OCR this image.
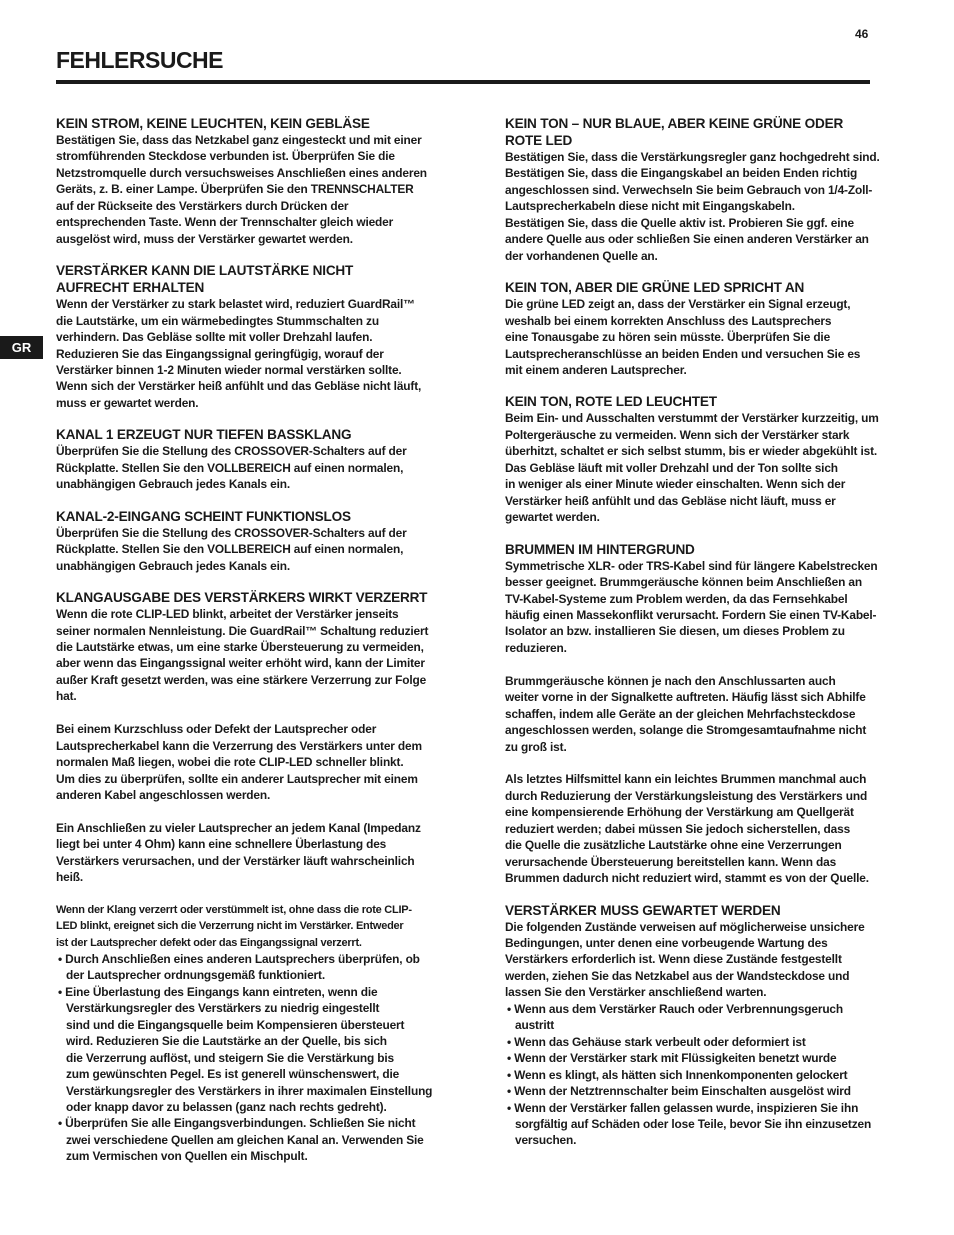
46
FEHLERSUCHE
GR
KEIN STROM, KEINE LEUCHTEN, KEIN GEBLÄSE
Bestätigen Sie, dass das Netzkabel ganz eingesteckt und mit einer
stromführenden Steckdose verbunden ist. Überprüfen Sie die
Netzstromquelle durch versuchsweises Anschließen eines anderen
Geräts, z. B. einer Lampe. Überprüfen Sie den TRENNSCHALTER
auf der Rückseite des Verstärkers durch Drücken der
entsprechenden Taste. Wenn der Trennschalter gleich wieder
ausgelöst wird, muss der Verstärker gewartet werden.
VERSTÄRKER KANN DIE LAUTSTÄRKE NICHT
AUFRECHT ERHALTEN
Wenn der Verstärker zu stark belastet wird, reduziert GuardRail™
die Lautstärke, um ein wärmebedingtes Stummschalten zu
verhindern. Das Gebläse sollte mit voller Drehzahl laufen.
Reduzieren Sie das Eingangssignal geringfügig, worauf der
Verstärker binnen 1-2 Minuten wieder normal verstärken sollte.
Wenn sich der Verstärker heiß anfühlt und das Gebläse nicht läuft,
muss er gewartet werden.
KANAL 1 ERZEUGT NUR TIEFEN BASSKLANG
Überprüfen Sie die Stellung des CROSSOVER-Schalters auf der
Rückplatte. Stellen Sie den VOLLBEREICH auf einen normalen,
unabhängigen Gebrauch jedes Kanals ein.
KANAL-2-EINGANG SCHEINT FUNKTIONSLOS
Überprüfen Sie die Stellung des CROSSOVER-Schalters auf der
Rückplatte. Stellen Sie den VOLLBEREICH auf einen normalen,
unabhängigen Gebrauch jedes Kanals ein.
KLANGAUSGABE DES VERSTÄRKERS WIRKT VERZERRT
Wenn die rote CLIP-LED blinkt, arbeitet der Verstärker jenseits
seiner normalen Nennleistung. Die GuardRail™ Schaltung reduziert
die Lautstärke etwas, um eine starke Übersteuerung zu vermeiden,
aber wenn das Eingangssignal weiter erhöht wird, kann der Limiter
außer Kraft gesetzt werden, was eine stärkere Verzerrung zur Folge
hat.
Bei einem Kurzschluss oder Defekt der Lautsprecher oder
Lautsprecherkabel kann die Verzerrung des Verstärkers unter dem
normalen Maß liegen, wobei die rote CLIP-LED schneller blinkt.
Um dies zu überprüfen, sollte ein anderer Lautsprecher mit einem
anderen Kabel angeschlossen werden.
Ein Anschließen zu vieler Lautsprecher an jedem Kanal (Impedanz
liegt bei unter 4 Ohm) kann eine schnellere Überlastung des
Verstärkers verursachen, und der Verstärker läuft wahrscheinlich
heiß.
Wenn der Klang verzerrt oder verstümmelt ist, ohne dass die rote CLIP-
LED blinkt, ereignet sich die Verzerrung nicht im Verstärker. Entweder
ist der Lautsprecher defekt oder das Eingangssignal verzerrt.
• Durch Anschließen eines anderen Lautsprechers überprüfen, ob
der Lautsprecher ordnungsgemäß funktioniert.
• Eine Überlastung des Eingangs kann eintreten, wenn die
Verstärkungsregler des Verstärkers zu niedrig eingestellt
sind und die Eingangsquelle beim Kompensieren übersteuert
wird. Reduzieren Sie die Lautstärke an der Quelle, bis sich
die Verzerrung auflöst, und steigern Sie die Verstärkung bis
zum gewünschten Pegel. Es ist generell wünschenswert, die
Verstärkungsregler des Verstärkers in ihrer maximalen Einstellung
oder knapp davor zu belassen (ganz nach rechts gedreht).
• Überprüfen Sie alle Eingangsverbindungen. Schließen Sie nicht
zwei verschiedene Quellen am gleichen Kanal an. Verwenden Sie
zum Vermischen von Quellen ein Mischpult.
KEIN TON – NUR BLAUE, ABER KEINE GRÜNE ODER
ROTE LED
Bestätigen Sie, dass die Verstärkungsregler ganz hochgedreht sind.
Bestätigen Sie, dass die Eingangskabel an beiden Enden richtig
angeschlossen sind. Verwechseln Sie beim Gebrauch von 1/4-Zoll-
Lautsprecherkabeln diese nicht mit Eingangskabeln.
Bestätigen Sie, dass die Quelle aktiv ist. Probieren Sie ggf. eine
andere Quelle aus oder schließen Sie einen anderen Verstärker an
der vorhandenen Quelle an.
KEIN TON, ABER DIE GRÜNE LED SPRICHT AN
Die grüne LED zeigt an, dass der Verstärker ein Signal erzeugt,
weshalb bei einem korrekten Anschluss des Lautsprechers
eine Tonausgabe zu hören sein müsste. Überprüfen Sie die
Lautsprecheranschlüsse an beiden Enden und versuchen Sie es
mit einem anderen Lautsprecher.
KEIN TON, ROTE LED LEUCHTET
Beim Ein- und Ausschalten verstummt der Verstärker kurzzeitig, um
Poltergeräusche zu vermeiden. Wenn sich der Verstärker stark
überhitzt, schaltet er sich selbst stumm, bis er wieder abgekühlt ist.
Das Gebläse läuft mit voller Drehzahl und der Ton sollte sich
in weniger als einer Minute wieder einschalten. Wenn sich der
Verstärker heiß anfühlt und das Gebläse nicht läuft, muss er
gewartet werden.
BRUMMEN IM HINTERGRUND
Symmetrische XLR- oder TRS-Kabel sind für längere Kabelstrecken
besser geeignet. Brummgeräusche können beim Anschließen an
TV-Kabel-Systeme zum Problem werden, da das Fernsehkabel
häufig einen Massekonflikt verursacht. Fordern Sie einen TV-Kabel-
Isolator an bzw. installieren Sie diesen, um dieses Problem zu
reduzieren.
Brummgeräusche können je nach den Anschlussarten auch
weiter vorne in der Signalkette auftreten. Häufig lässt sich Abhilfe
schaffen, indem alle Geräte an der gleichen Mehrfachsteckdose
angeschlossen werden, solange die Stromgesamtaufnahme nicht
zu groß ist.
Als letztes Hilfsmittel kann ein leichtes Brummen manchmal auch
durch Reduzierung der Verstärkungsleistung des Verstärkers und
eine kompensierende Erhöhung der Verstärkung am Quellgerät
reduziert werden; dabei müssen Sie jedoch sicherstellen, dass
die Quelle die zusätzliche Lautstärke ohne eine Verzerrungen
verursachende Übersteuerung bereitstellen kann. Wenn das
Brummen dadurch nicht reduziert wird, stammt es von der Quelle.
VERSTÄRKER MUSS GEWARTET WERDEN
Die folgenden Zustände verweisen auf möglicherweise unsichere
Bedingungen, unter denen eine vorbeugende Wartung des
Verstärkers erforderlich ist. Wenn diese Zustände festgestellt
werden, ziehen Sie das Netzkabel aus der Wandsteckdose und
lassen Sie den Verstärker anschließend warten.
• Wenn aus dem Verstärker Rauch oder Verbrennungsgeruch
austritt
• Wenn das Gehäuse stark verbeult oder deformiert ist
• Wenn der Verstärker stark mit Flüssigkeiten benetzt wurde
• Wenn es klingt, als hätten sich Innenkomponenten gelockert
• Wenn der Netztrennschalter beim Einschalten ausgelöst wird
• Wenn der Verstärker fallen gelassen wurde, inspizieren Sie ihn
sorgfältig auf Schäden oder lose Teile, bevor Sie ihn einzusetzen
versuchen.
